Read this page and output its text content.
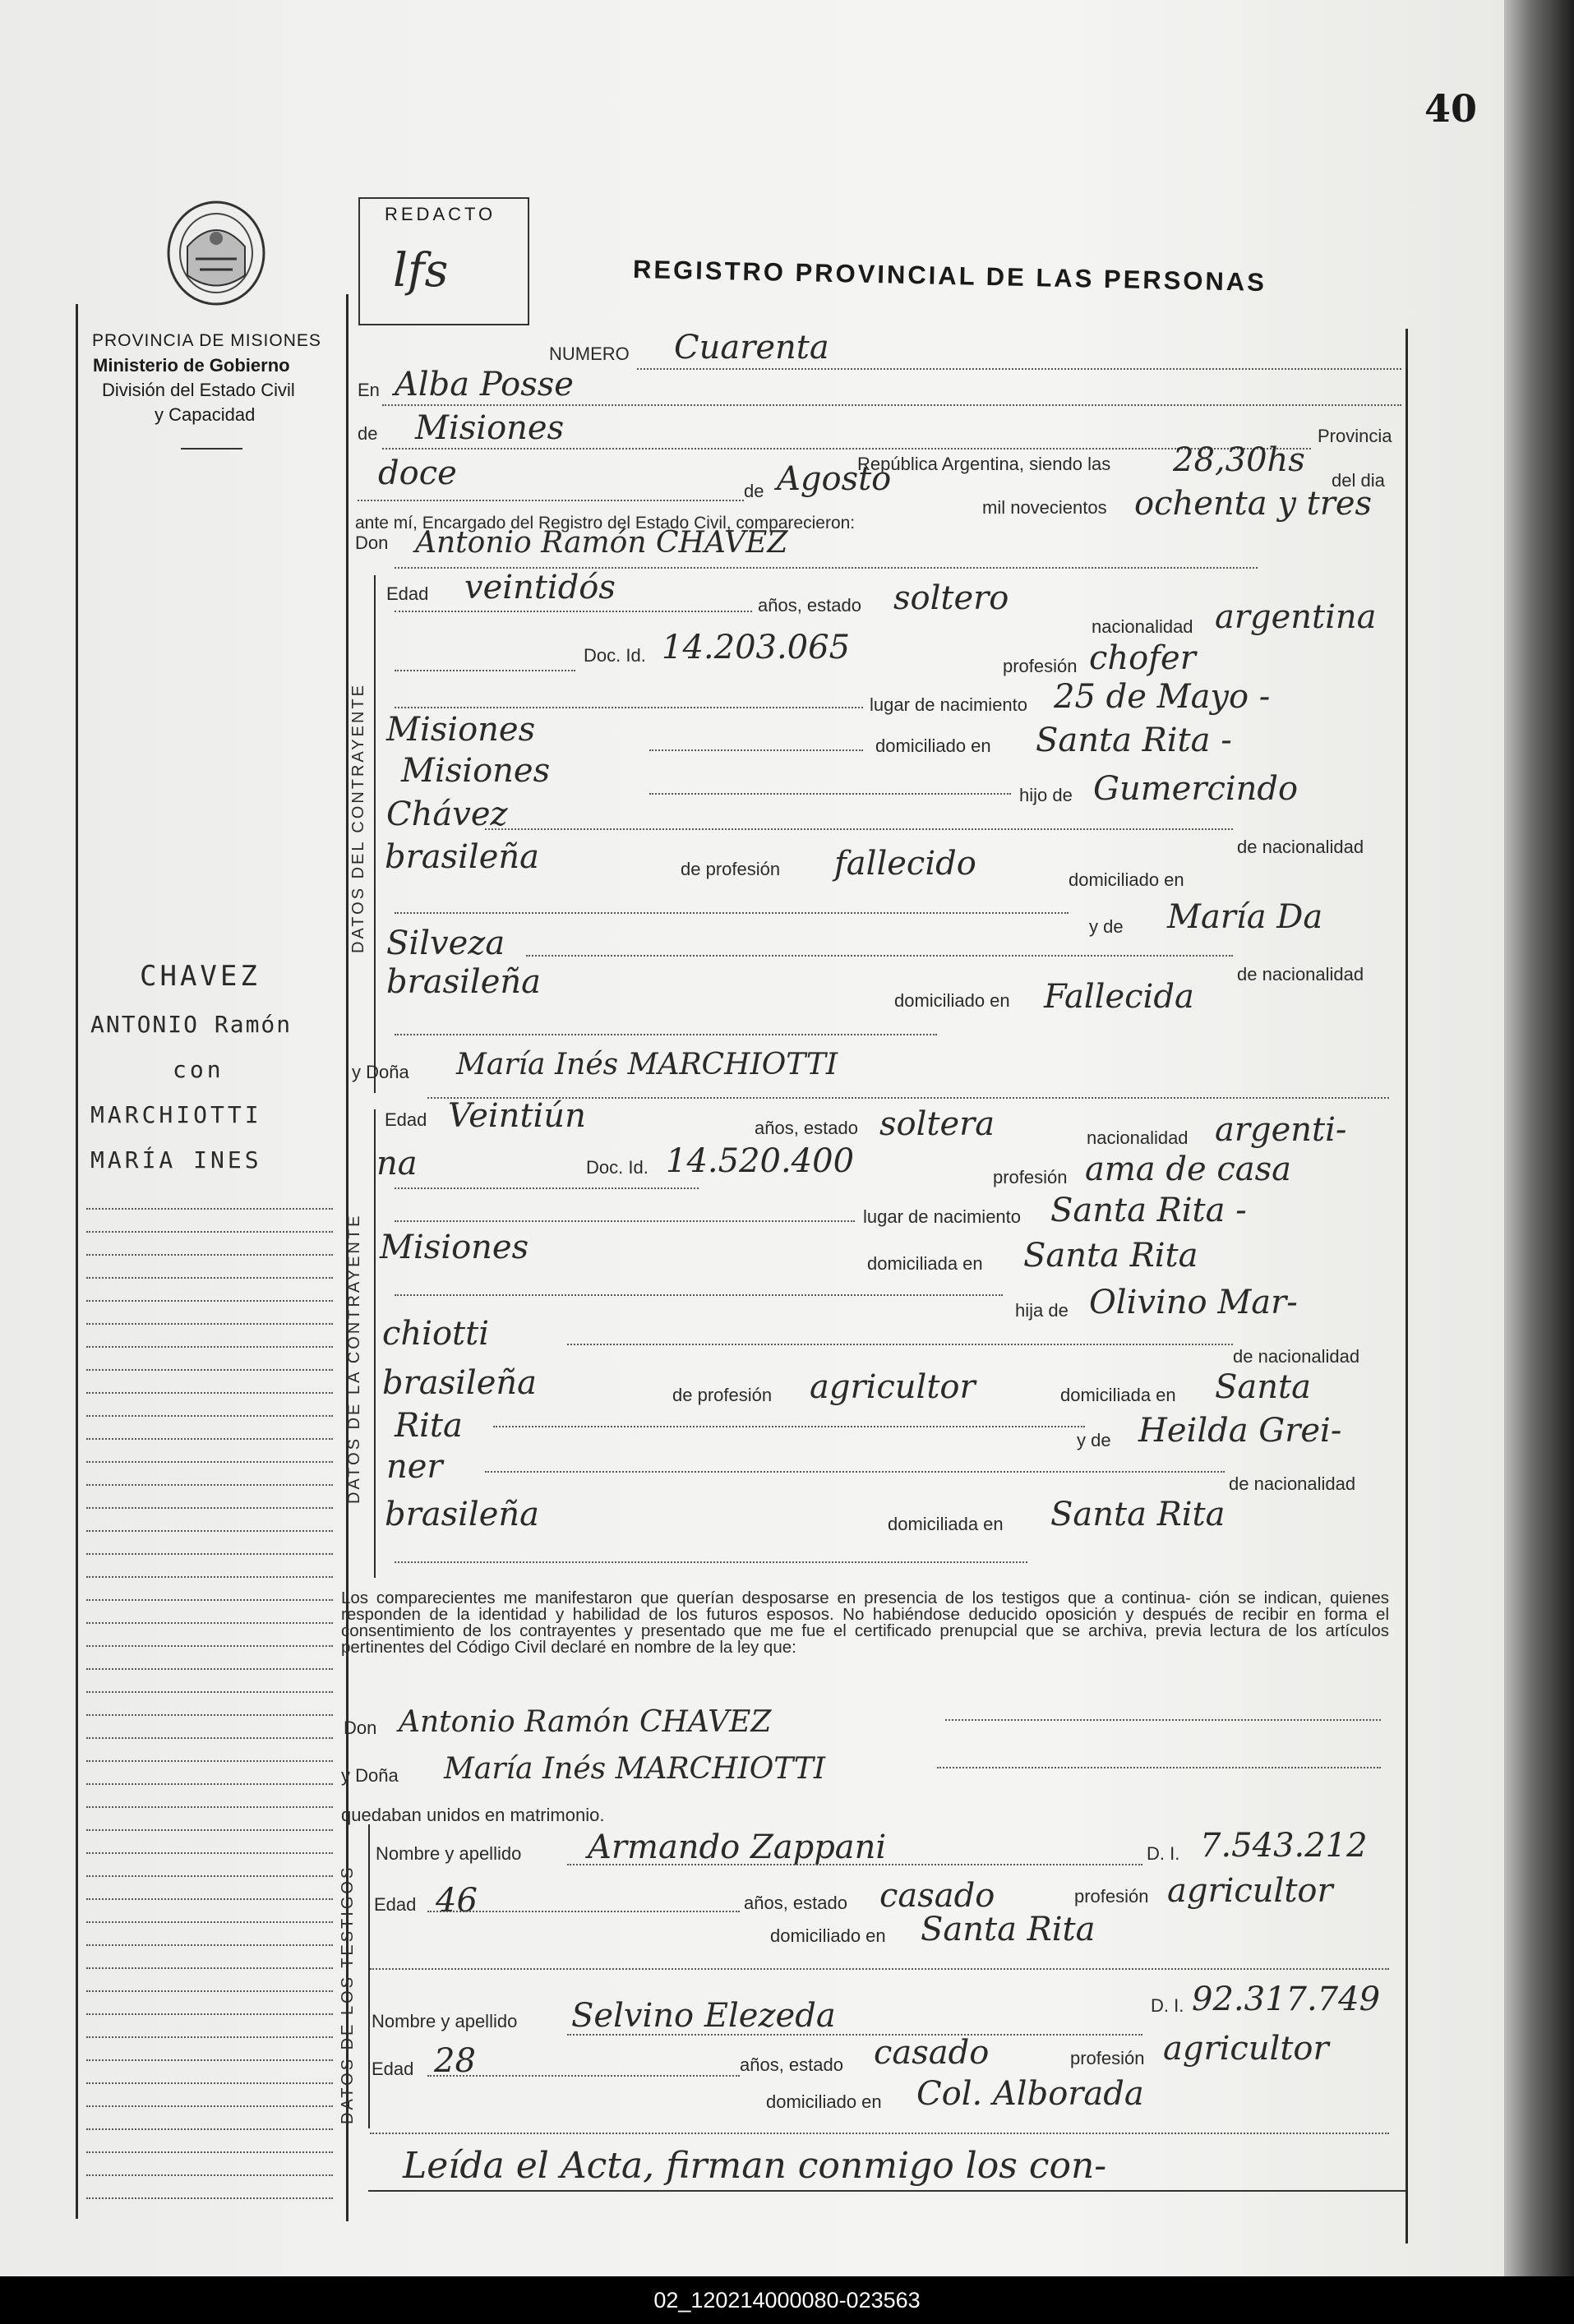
40
PROVINCIA DE MISIONES
Ministerio de Gobierno
División del Estado Civil
y Capacidad
REDACTO
lfs	REGISTRO PROVINCIAL DE LAS PERSONAS
CHAVEZ
ANTONIO Ramón
con
MARCHIOTTI
MARÍA INES
NUMERO Cuarenta
En Alba Posse
de Misiones	Provincia
República Argentina, siendo las 28,30hs
del dia
doce	de Agosto
mil novecientos ochenta y tres
ante mí, Encargado del Registro del Estado Civil, comparecieron:
DATOS DEL CONTRAYENTE
Don Antonio Ramón CHAVEZ
Edad veintidós	años, estado soltero
nacionalidad argentina
Doc. Id. 14.203.065	profesión chofer
lugar de nacimiento 25 de Mayo -
Misiones	domiciliado en Santa Rita -
Misiones
hijo de Gumercindo
Chávez
de nacionalidad
brasileña	de profesión fallecido	domiciliado en
y de María Da
Silveza
de nacionalidad
brasileña	domiciliado en Fallecida
y Doña María Inés MARCHIOTTI
DATOS DE LA CONTRAYENTE
Edad Veintiún	años, estado soltera	nacionalidad argenti-
na	Doc. Id. 14.520.400	profesión ama de casa
lugar de nacimiento Santa Rita -
Misiones	domiciliada en Santa Rita
hija de Olivino Mar-
chiotti
de nacionalidad
brasileña	de profesión agricultor	domiciliada en Santa
Rita	y de Heilda Grei-
ner	de nacionalidad
brasileña	domiciliada en Santa Rita
Los comparecientes me manifestaron que querían desposarse en presencia de los testigos que a continua- ción se indican, quienes responden de la identidad y habilidad de los futuros esposos. No habiéndose deducido oposición y después de recibir en forma el consentimiento de los contrayentes y presentado que me fue el certificado prenupcial que se archiva, previa lectura de los artículos pertinentes del Código Civil declaré en nombre de la ley que:
Don Antonio Ramón CHAVEZ
y Doña María Inés MARCHIOTTI
quedaban unidos en matrimonio.
DATOS DE LOS TESTIGOS
Nombre y apellido Armando Zappani	D. I. 7.543.212
Edad 46	años, estado casado	profesión agricultor
domiciliado en Santa Rita
Nombre y apellido Selvino Elezeda	D. I. 92.317.749
Edad 28	años, estado casado	profesión agricultor
domiciliado en Col. Alborada
Leída el Acta, firman conmigo los con-
02_120214000080-023563
